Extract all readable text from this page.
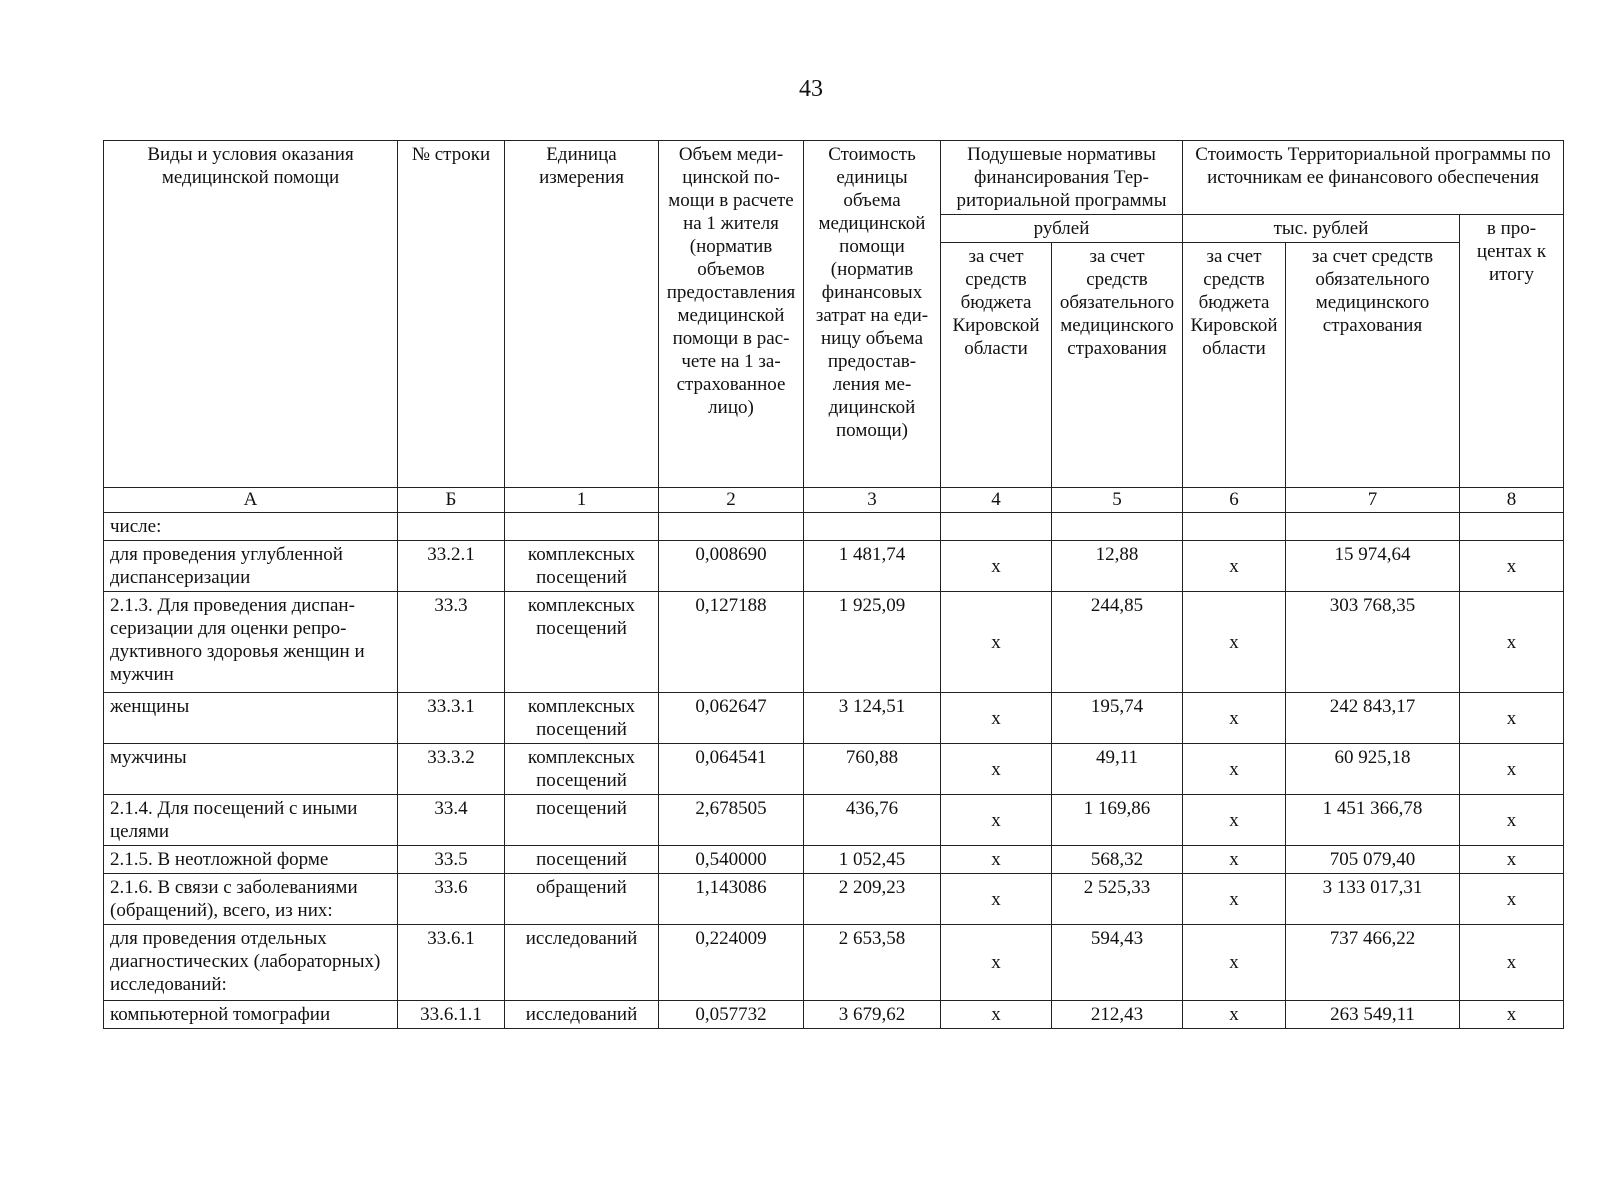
43
Виды и условия оказания медицинской помощи	№ строки	Единица измерения	Объем медицинской помощи в расчете на 1 жителя (норматив объемов предоставления медицинской помощи в расчете на 1 застрахованное лицо)	Стоимость единицы объема медицинской помощи (норматив финансовых затрат на единицу объема предоставления медицинской помощи)	Подушевые нормативы финансирования Территориальной программы		Стоимость Территориальной программы по источникам ее финансового обеспечения		
					рублей		тыс. рублей		в процентах к итогу
					за счет средств бюджета Кировской области	за счет средств обязательного медицинского страхования	за счет средств бюджета Кировской области	за счет средств обязательного медицинского страхования	
А	Б	1	2	3	4	5	6	7	8
числе:									
для проведения углубленной диспансеризации	33.2.1	комплексных посещений	0,008690	1 481,74	х	12,88	х	15 974,64	х
2.1.3. Для проведения диспансеризации для оценки репродуктивного здоровья женщин и мужчин	33.3	комплексных посещений	0,127188	1 925,09	х	244,85	х	303 768,35	х
женщины	33.3.1	комплексных посещений	0,062647	3 124,51	х	195,74	х	242 843,17	х
мужчины	33.3.2	комплексных посещений	0,064541	760,88	х	49,11	х	60 925,18	х
2.1.4. Для посещений с иными целями	33.4	посещений	2,678505	436,76	х	1 169,86	х	1 451 366,78	х
2.1.5. В неотложной форме	33.5	посещений	0,540000	1 052,45	х	568,32	х	705 079,40	х
2.1.6. В связи с заболеваниями (обращений), всего, из них:	33.6	обращений	1,143086	2 209,23	х	2 525,33	х	3 133 017,31	х
для проведения отдельных диагностических (лабораторных) исследований:	33.6.1	исследований	0,224009	2 653,58	х	594,43	х	737 466,22	х
компьютерной томографии	33.6.1.1	исследований	0,057732	3 679,62	х	212,43	х	263 549,11	х
